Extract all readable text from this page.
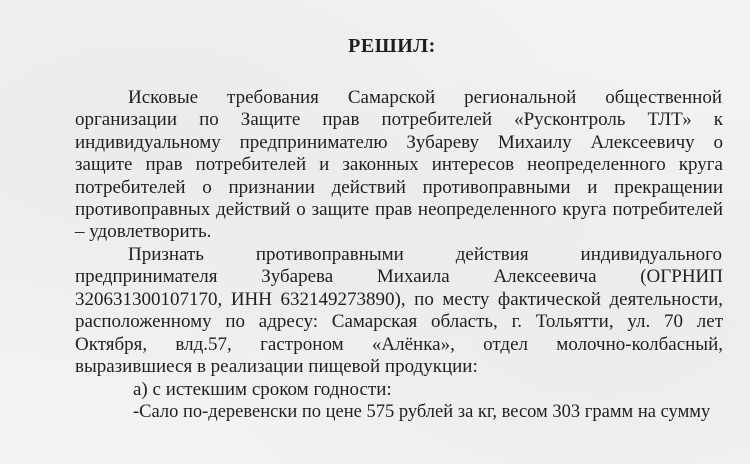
РЕШИЛ:
Исковые требования Самарской региональной общественной
организации по Защите прав потребителей «Русконтроль ТЛТ» к
индивидуальному предпринимателю Зубареву Михаилу Алексеевичу о
защите прав потребителей и законных интересов неопределенного круга
потребителей о признании действий противоправными и прекращении
противоправных действий о защите прав неопределенного круга потребителей
– удовлетворить.
Признать противоправными действия индивидуального
предпринимателя Зубарева Михаила Алексеевича (ОГРНИП
320631300107170, ИНН 632149273890), по месту фактической деятельности,
расположенному по адресу: Самарская область, г. Тольятти, ул. 70 лет
Октября, влд.57, гастроном «Алёнка», отдел молочно-колбасный,
выразившиеся в реализации пищевой продукции:
а) с истекшим сроком годности:
-Сало по-деревенски по цене 575 рублей за кг, весом 303 грамм на сумму
